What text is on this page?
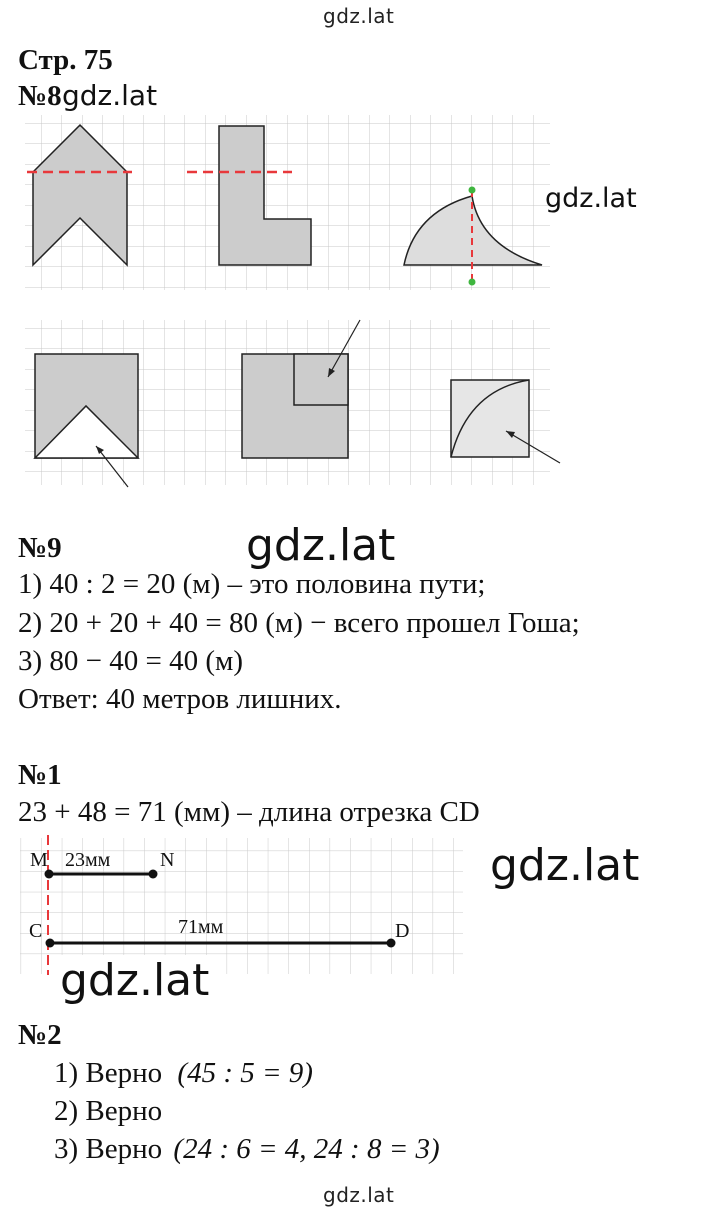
gdz.lat
Стр. 75
№8 gdz.lat
gdz.lat
№9	gdz.lat
1) 40 : 2 = 20 (м) – это половина пути;
2) 20 + 20 + 40 = 80 (м) − всего прошел Гоша;
3) 80 − 40 = 40 (м)
Ответ: 40 метров лишних.
№1
23 + 48 = 71 (мм) – длина отрезка CD
M 23мм N
C	71мм	D
gdz.lat
gdz.lat
№2
1) Верно (45 : 5 = 9)
2) Верно
3) Верно (24 : 6 = 4, 24 : 8 = 3)
gdz.lat
